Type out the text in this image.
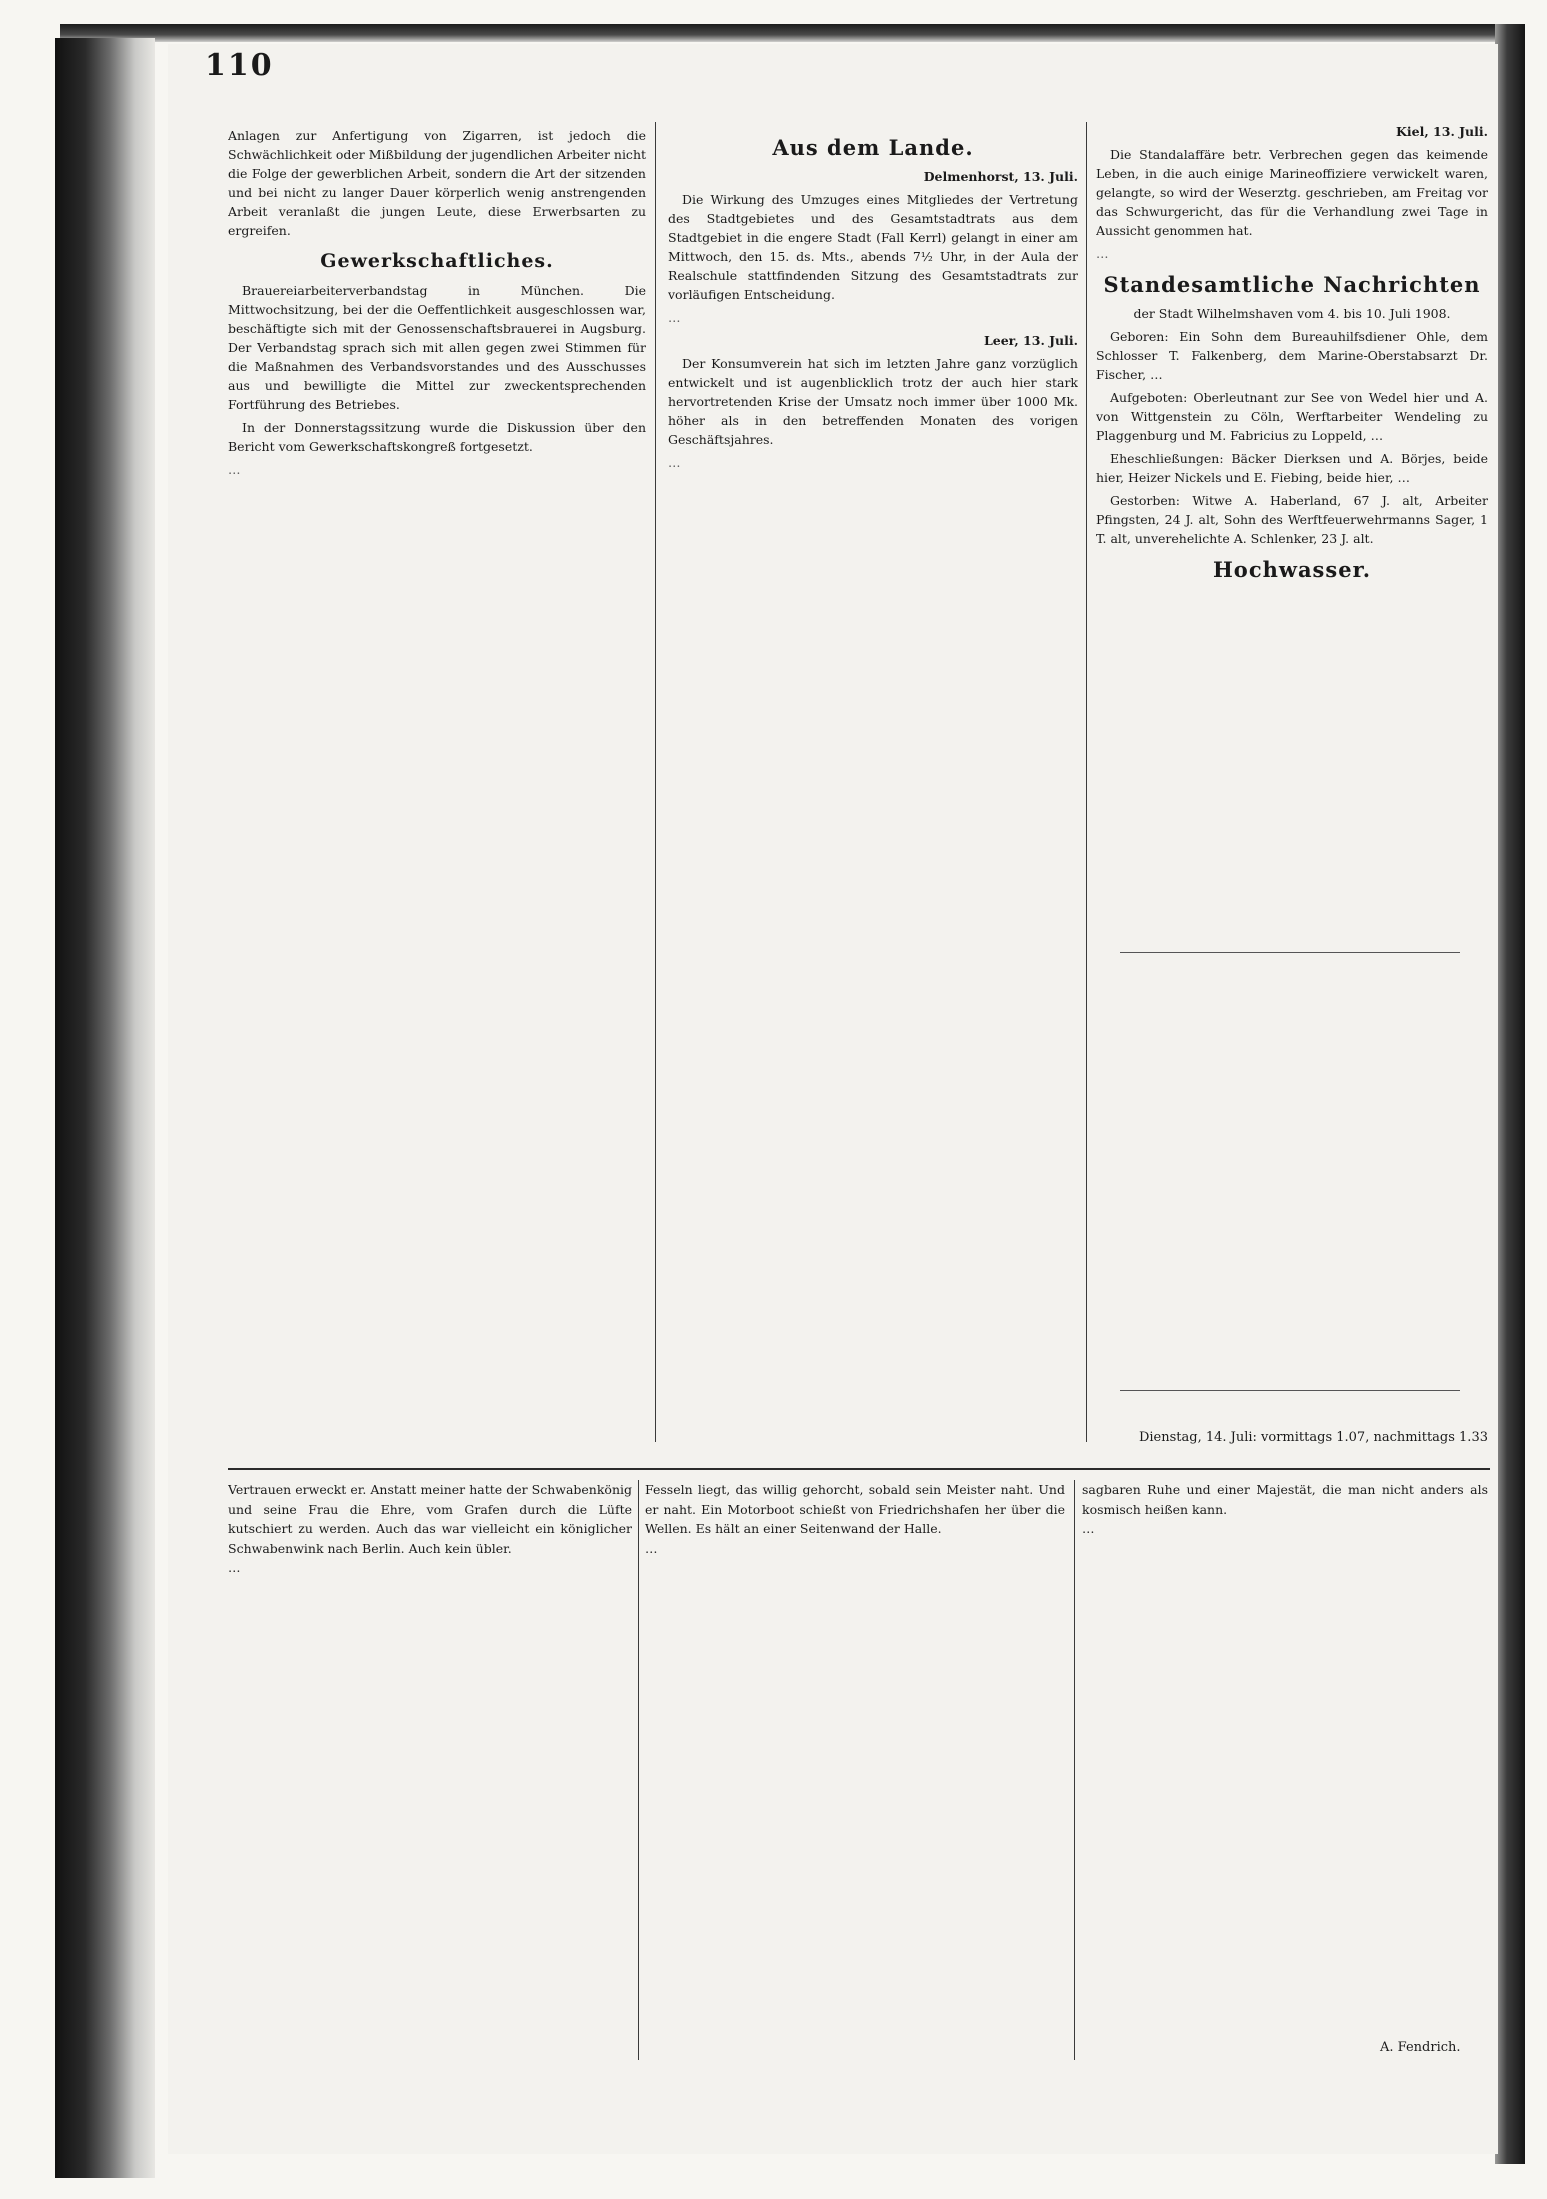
110

Anlagen zur Anfertigung von Zigarren, ist jedoch die Schwächlichkeit oder Mißbildung der jugendlichen Arbeiter nicht die Folge der gewerblichen Arbeit, sondern die Art der sitzenden und bei nicht zu langer Dauer körperlich wenig anstrengenden Arbeit veranlaßt die jungen Leute, diese Erwerbsarten zu ergreifen.

Gewerkschaftliches.

Brauereiarbeiterverbandstag in München. Die Mittwochsitzung, bei der die Oeffentlichkeit ausgeschlossen war, beschäftigte sich mit der Genossenschaftsbrauerei in Augsburg. Der Verbandstag sprach sich mit allen gegen zwei Stimmen für die Maßnahmen des Verbandsvorstandes und des Ausschusses aus und bewilligte die Mittel zur zweckentsprechenden Fortführung des Betriebes.

In der Donnerstagssitzung wurde die Diskussion über den Bericht vom Gewerkschaftskongreß fortgesetzt.

…

Aus dem Lande.
Delmenhorst, 13. Juli.

Die Wirkung des Umzuges eines Mitgliedes der Vertretung des Stadtgebietes und des Gesamtstadtrats aus dem Stadtgebiet in die engere Stadt (Fall Kerrl) gelangt in einer am Mittwoch, den 15. ds. Mts., abends 7½ Uhr, in der Aula der Realschule stattfindenden Sitzung des Gesamtstadtrats zur vorläufigen Entscheidung.

…

Leer, 13. Juli.

Der Konsumverein hat sich im letzten Jahre ganz vorzüglich entwickelt und ist augenblicklich trotz der auch hier stark hervortretenden Krise der Umsatz noch immer über 1000 Mk. höher als in den betreffenden Monaten des vorigen Geschäftsjahres.

…

Kiel, 13. Juli.

Die Standalaffäre betr. Verbrechen gegen das keimende Leben, in die auch einige Marineoffiziere verwickelt waren, gelangte, so wird der Weserztg. geschrieben, am Freitag vor das Schwurgericht, das für die Verhandlung zwei Tage in Aussicht genommen hat.

…

Standesamtliche Nachrichten

der Stadt Wilhelmshaven vom 4. bis 10. Juli 1908.

Geboren: Ein Sohn dem Bureauhilfsdiener Ohle, dem Schlosser T. Falkenberg, dem Marine-Oberstabsarzt Dr. Fischer, …

Aufgeboten: Oberleutnant zur See von Wedel hier und A. von Wittgenstein zu Cöln, Werftarbeiter Wendeling zu Plaggenburg und M. Fabricius zu Loppeld, …

Eheschließungen: Bäcker Dierksen und A. Börjes, beide hier, Heizer Nickels und E. Fiebing, beide hier, …

Gestorben: Witwe A. Haberland, 67 J. alt, Arbeiter Pfingsten, 24 J. alt, Sohn des Werftfeuerwehrmanns Sager, 1 T. alt, unverehelichte A. Schlenker, 23 J. alt.

Hochwasser.
Dienstag, 14. Juli: vormittags 1.07, nachmittags 1.33

Vertrauen erweckt er. Anstatt meiner hatte der Schwabenkönig und seine Frau die Ehre, vom Grafen durch die Lüfte kutschiert zu werden. Auch das war vielleicht ein königlicher Schwabenwink nach Berlin. Auch kein übler.

…

Fesseln liegt, das willig gehorcht, sobald sein Meister naht. Und er naht. Ein Motorboot schießt von Friedrichshafen her über die Wellen. Es hält an einer Seitenwand der Halle.

…

sagbaren Ruhe und einer Majestät, die man nicht anders als kosmisch heißen kann.

…

A. Fendrich.
